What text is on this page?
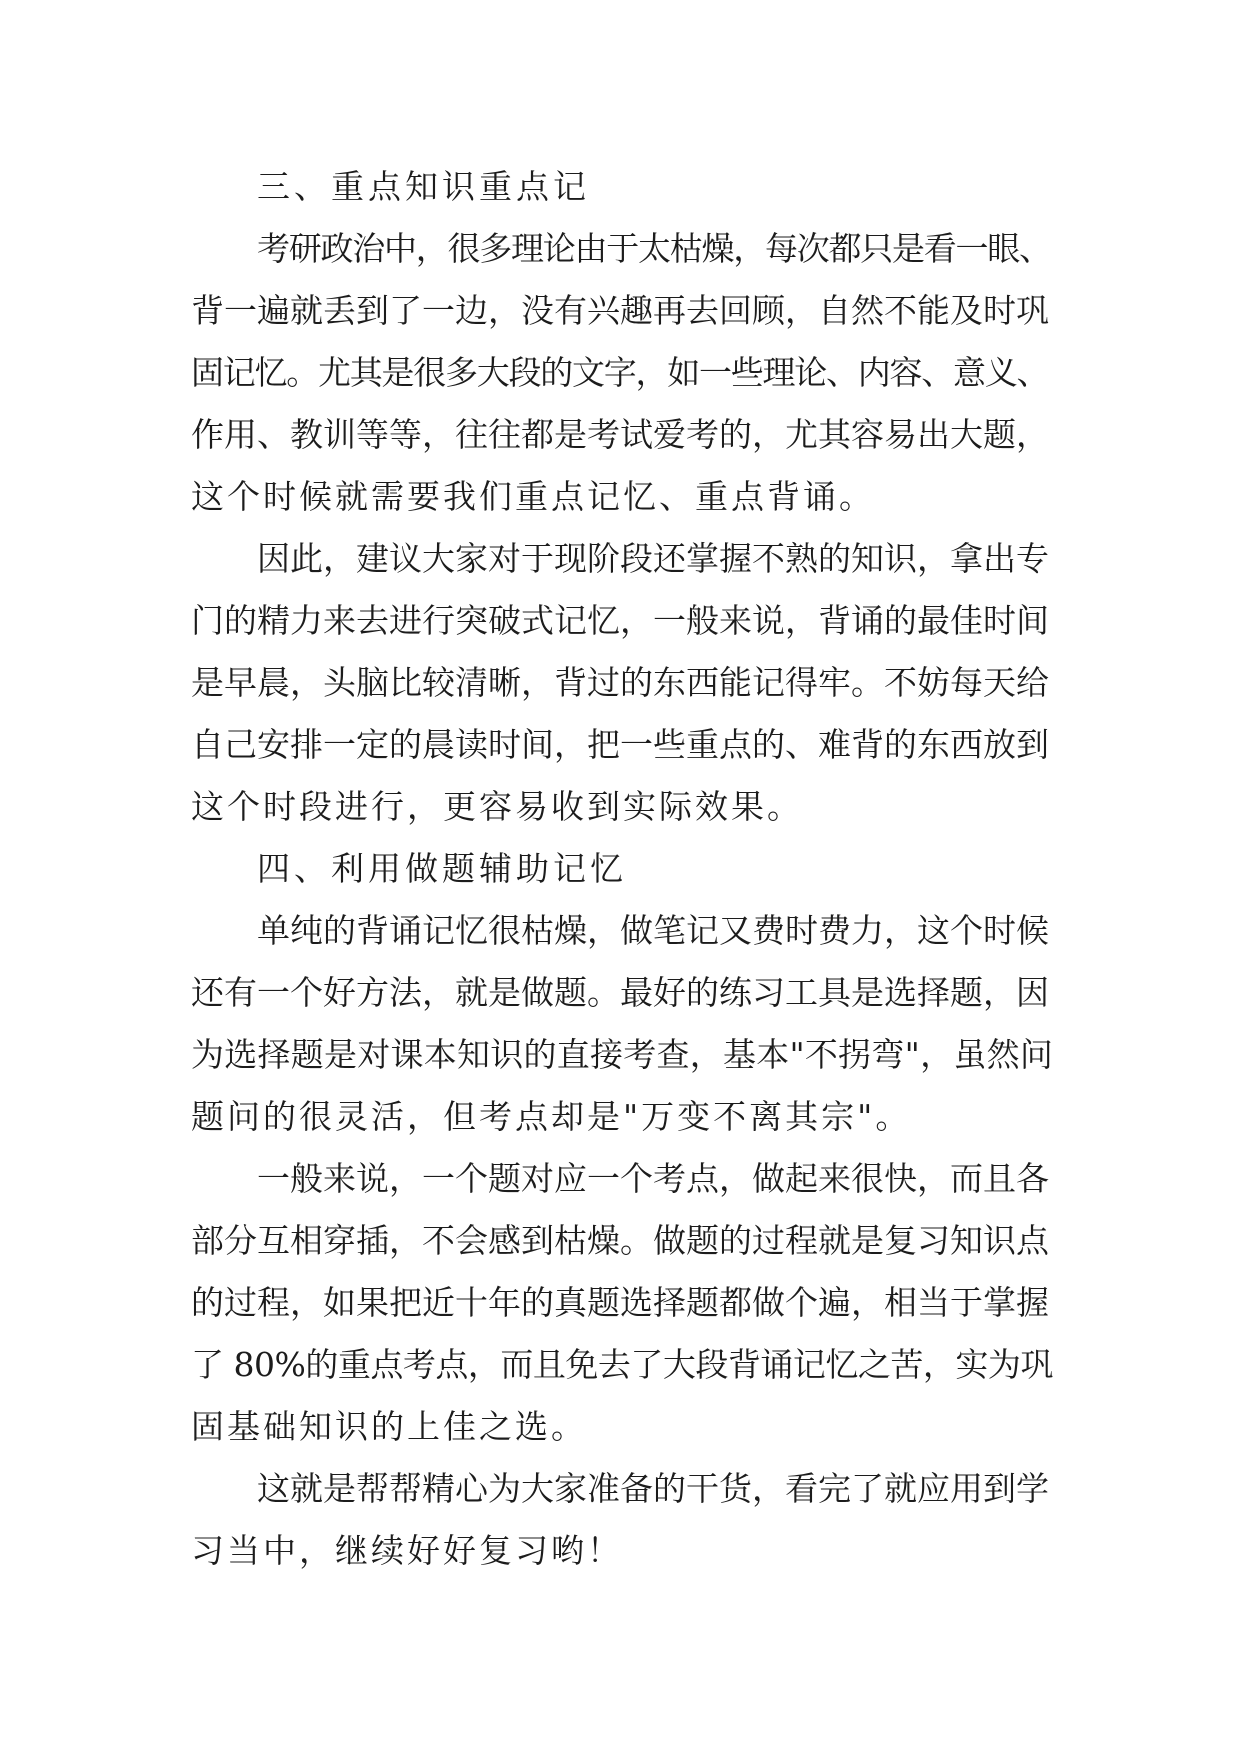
三、重点知识重点记
考研政治中，很多理论由于太枯燥，每次都只是看一眼、
背一遍就丢到了一边，没有兴趣再去回顾，自然不能及时巩
固记忆。尤其是很多大段的文字，如一些理论、内容、意义、
作用、教训等等，往往都是考试爱考的，尤其容易出大题，
这个时候就需要我们重点记忆、重点背诵。
因此，建议大家对于现阶段还掌握不熟的知识，拿出专
门的精力来去进行突破式记忆，一般来说，背诵的最佳时间
是早晨，头脑比较清晰，背过的东西能记得牢。不妨每天给
自己安排一定的晨读时间，把一些重点的、难背的东西放到
这个时段进行，更容易收到实际效果。
四、利用做题辅助记忆
单纯的背诵记忆很枯燥，做笔记又费时费力，这个时候
还有一个好方法，就是做题。最好的练习工具是选择题，因
为选择题是对课本知识的直接考查，基本"不拐弯"，虽然问
题问的很灵活，但考点却是"万变不离其宗"。
一般来说，一个题对应一个考点，做起来很快，而且各
部分互相穿插，不会感到枯燥。做题的过程就是复习知识点
的过程，如果把近十年的真题选择题都做个遍，相当于掌握
了 80%的重点考点，而且免去了大段背诵记忆之苦，实为巩
固基础知识的上佳之选。
这就是帮帮精心为大家准备的干货，看完了就应用到学
习当中，继续好好复习哟！
